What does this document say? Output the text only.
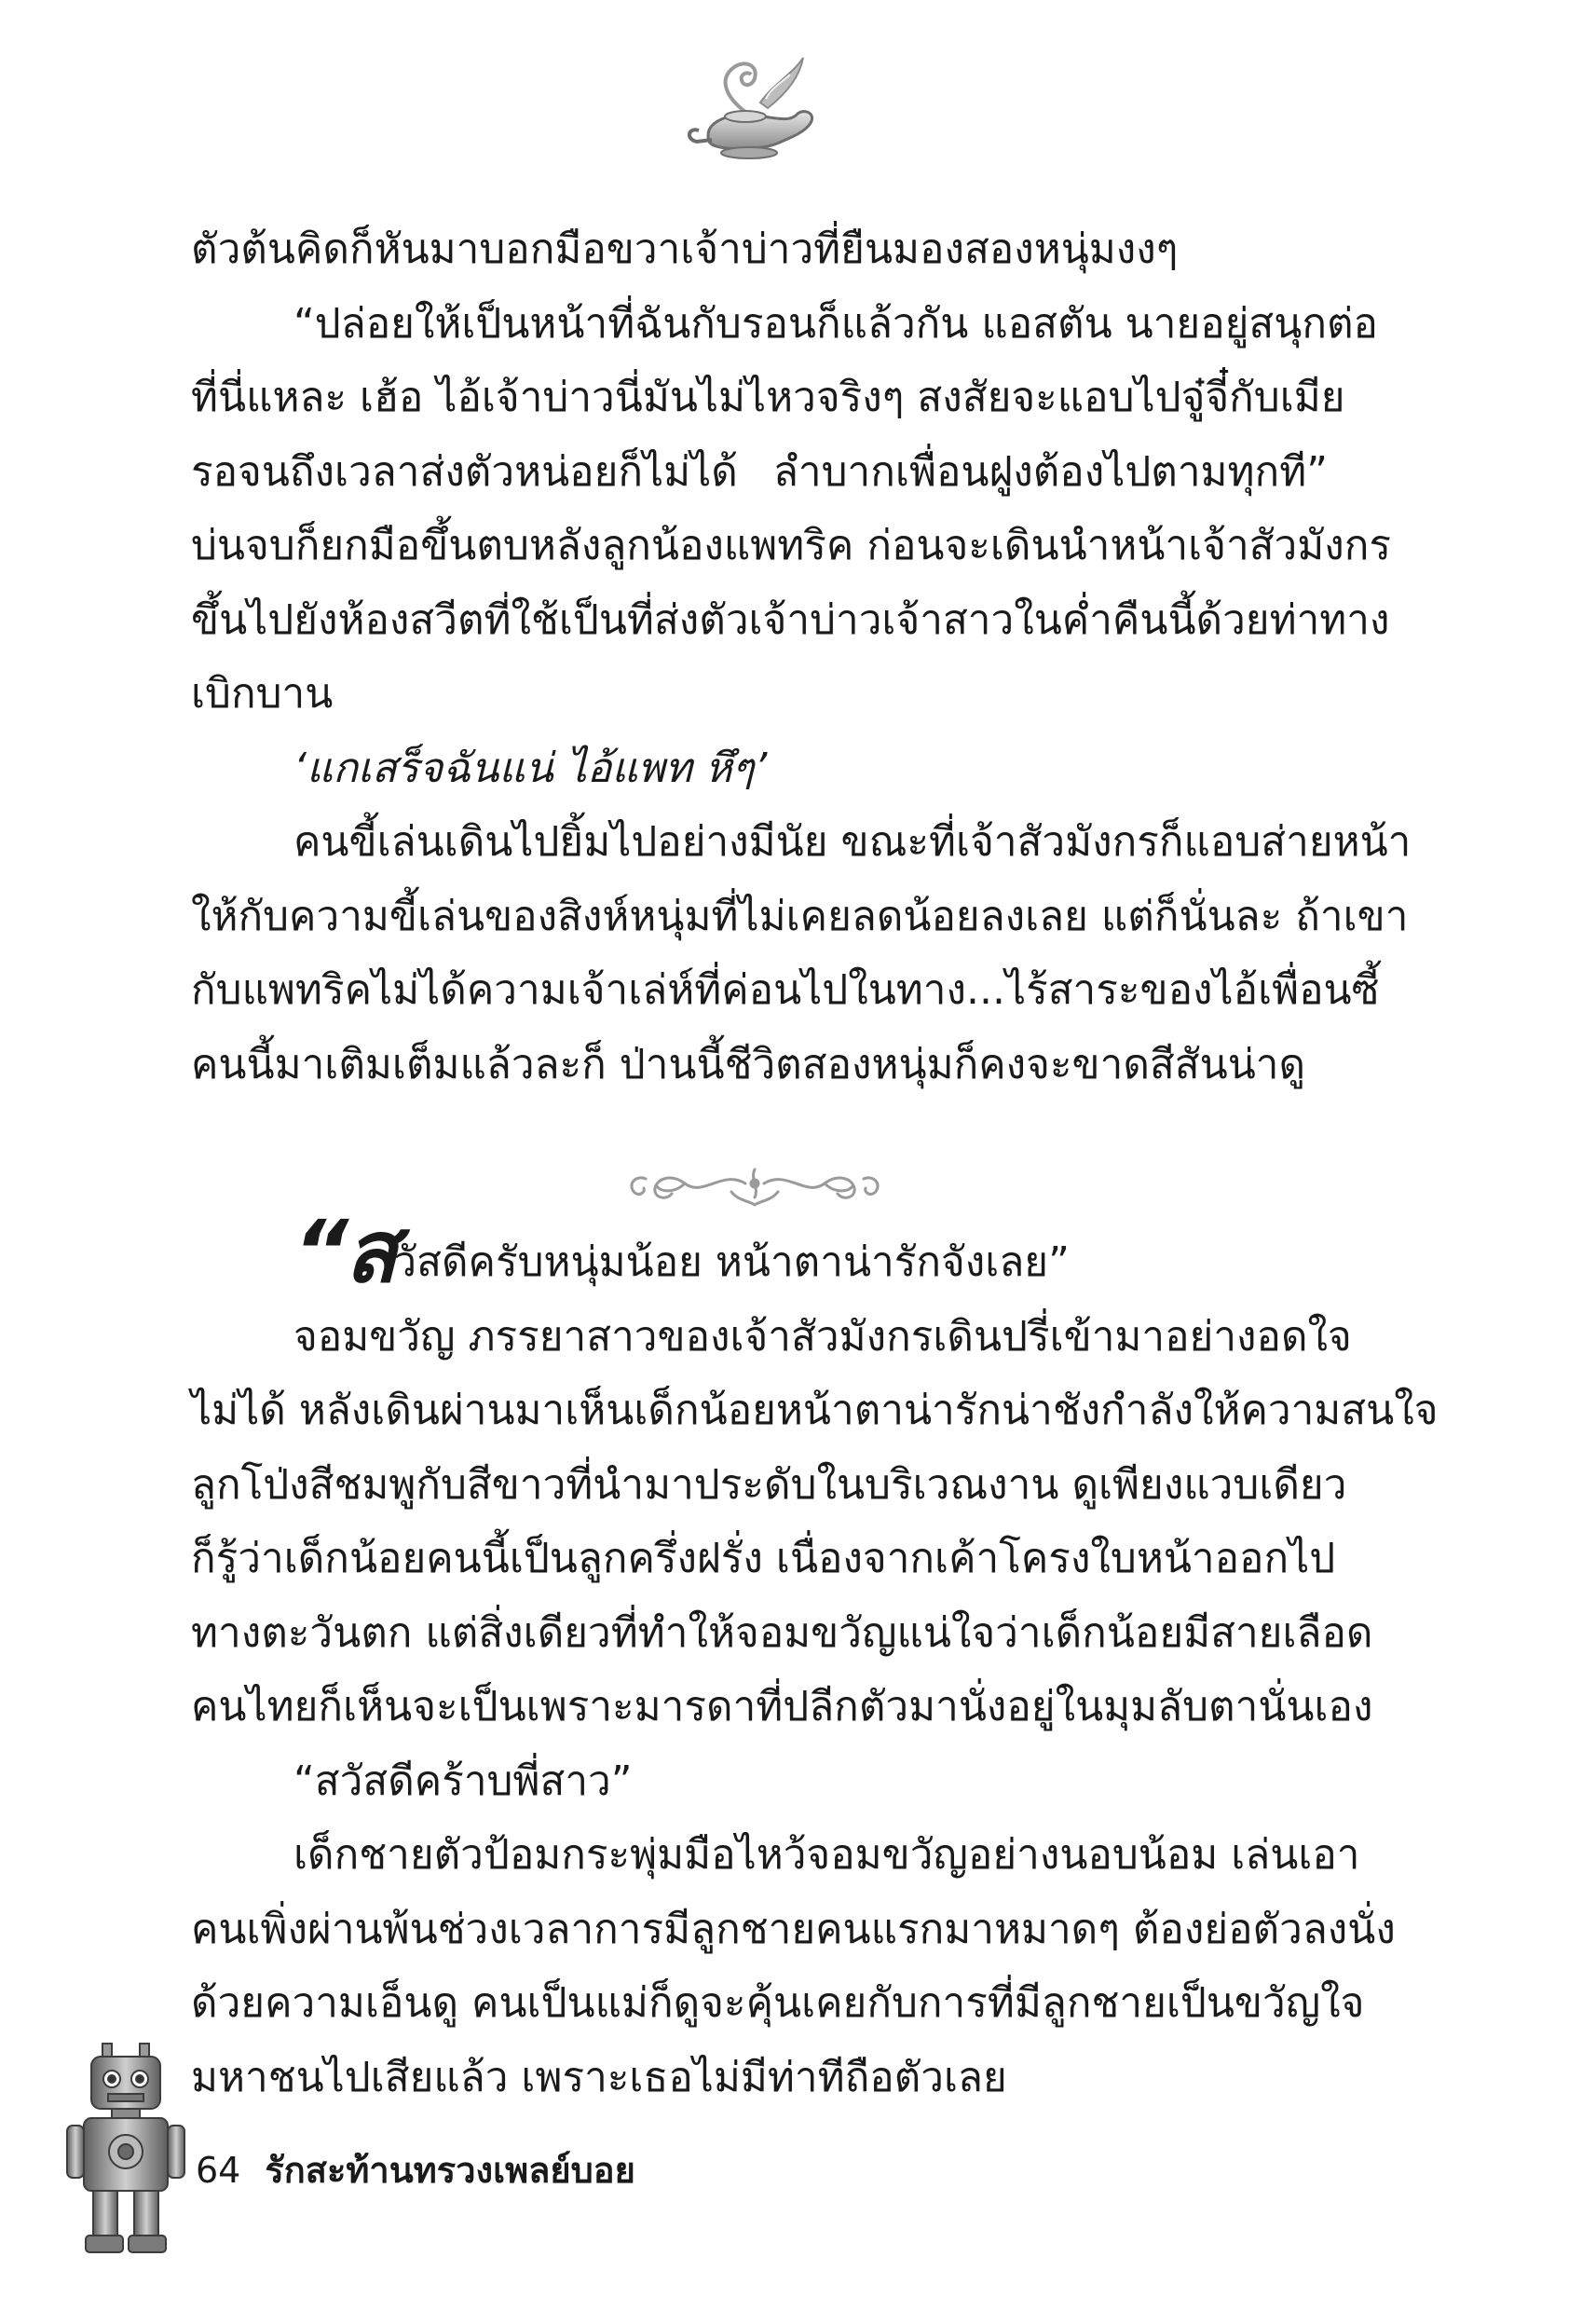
ตัวต้นคิดก็หันมาบอกมือขวาเจ้าบ่าวที่ยืนมองสองหนุ่มงงๆ

“ปล่อยให้เป็นหน้าที่ฉันกับรอนก็แล้วกัน แอสตัน นายอยู่สนุกต่อ

ที่นี่แหละ เฮ้อ ไอ้เจ้าบ่าวนี่มันไม่ไหวจริงๆ สงสัยจะแอบไปจู๋จี๋กับเมีย

รอจนถึงเวลาส่งตัวหน่อยก็ไม่ได้ ลำบากเพื่อนฝูงต้องไปตามทุกที”

บ่นจบก็ยกมือขึ้นตบหลังลูกน้องแพทริค ก่อนจะเดินนำหน้าเจ้าสัวมังกร

ขึ้นไปยังห้องสวีตที่ใช้เป็นที่ส่งตัวเจ้าบ่าวเจ้าสาวในค่ำคืนนี้ด้วยท่าทาง

เบิกบาน

‘แกเสร็จฉันแน่ ไอ้แพท หึๆ’

คนขี้เล่นเดินไปยิ้มไปอย่างมีนัย ขณะที่เจ้าสัวมังกรก็แอบส่ายหน้า

ให้กับความขี้เล่นของสิงห์หนุ่มที่ไม่เคยลดน้อยลงเลย แต่ก็นั่นละ ถ้าเขา

กับแพทริคไม่ได้ความเจ้าเล่ห์ที่ค่อนไปในทาง...ไร้สาระของไอ้เพื่อนซี้

คนนี้มาเติมเต็มแล้วละก็ ป่านนี้ชีวิตสองหนุ่มก็คงจะขาดสีสันน่าดู

“สวัสดีครับหนุ่มน้อย หน้าตาน่ารักจังเลย”

จอมขวัญ ภรรยาสาวของเจ้าสัวมังกรเดินปรี่เข้ามาอย่างอดใจ

ไม่ได้ หลังเดินผ่านมาเห็นเด็กน้อยหน้าตาน่ารักน่าชังกำลังให้ความสนใจ

ลูกโป่งสีชมพูกับสีขาวที่นำมาประดับในบริเวณงาน ดูเพียงแวบเดียว

ก็รู้ว่าเด็กน้อยคนนี้เป็นลูกครึ่งฝรั่ง เนื่องจากเค้าโครงใบหน้าออกไป

ทางตะวันตก แต่สิ่งเดียวที่ทำให้จอมขวัญแน่ใจว่าเด็กน้อยมีสายเลือด

คนไทยก็เห็นจะเป็นเพราะมารดาที่ปลีกตัวมานั่งอยู่ในมุมลับตานั่นเอง

“สวัสดีคร้าบพี่สาว”

เด็กชายตัวป้อมกระพุ่มมือไหว้จอมขวัญอย่างนอบน้อม เล่นเอา

คนเพิ่งผ่านพ้นช่วงเวลาการมีลูกชายคนแรกมาหมาดๆ ต้องย่อตัวลงนั่ง

ด้วยความเอ็นดู คนเป็นแม่ก็ดูจะคุ้นเคยกับการที่มีลูกชายเป็นขวัญใจ

มหาชนไปเสียแล้ว เพราะเธอไม่มีท่าทีถือตัวเลย

64 รักสะท้านทรวงเพลย์บอย
